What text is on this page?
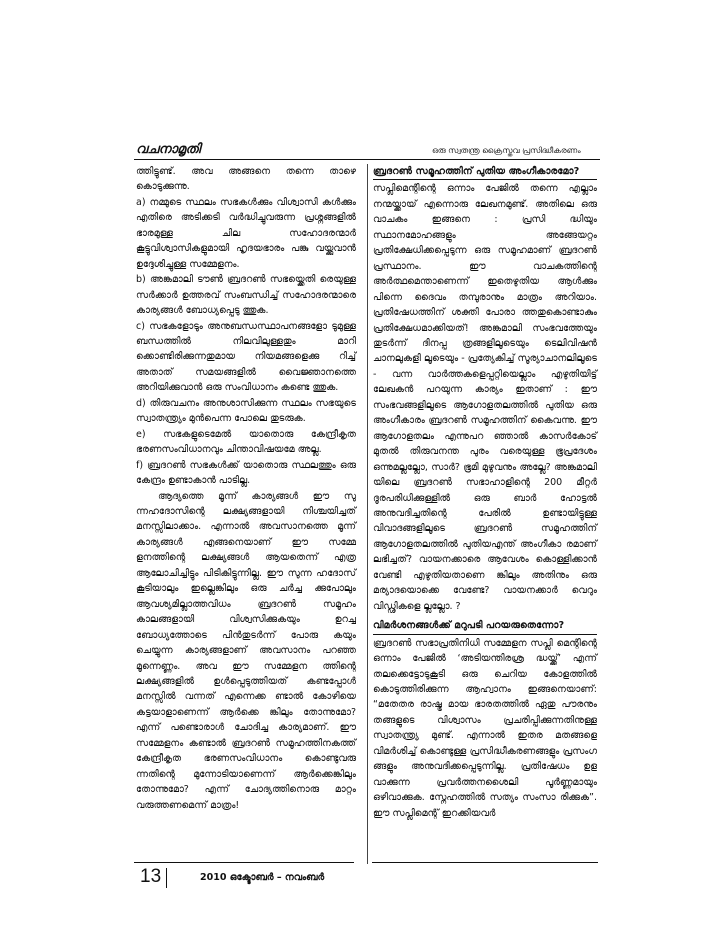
വചനാമൃതി	ഒരു സ്വതന്ത്ര ക്രൈസ്തവ പ്രസിദ്ധീകരണം

ത്തിട്ടുണ്ട്. അവ അങ്ങനെ തന്നെ താഴെ കൊടുക്കുന്നു.

a) നമ്മുടെ സ്ഥലം സഭകൾക്കും വിശ്വാസി കൾക്കും എതിരെ അടിക്കടി വർദ്ധിച്ചുവരുന്ന പ്രശ്നങ്ങളിൽ ഭാരമുള്ള ചില സഹോദരന്മാർ കൂട്ടുവിശ്വാസികളുമായി ഹൃദയഭാരം പങ്കു വയ്ക്കുവാൻ ഉദ്ദേശിച്ചുള്ള സമ്മേളനം.

b) അങ്കമാലി ടൗൺ ബ്രദറൺ സഭയ്ക്കെതി രെയുള്ള സർക്കാർ ഉത്തരവ് സംബന്ധിച്ച് സഹോദരന്മാരെ കാര്യങ്ങൾ ബോധ്യപ്പെടു ത്തുക.

c) സഭകളോടും അനുബന്ധസ്ഥാപനങ്ങളോ ടുമുള്ള ബന്ധത്തിൽ നിലവിലുള്ളതും മാറി ക്കൊണ്ടിരിക്കുന്നതുമായ നിയമങ്ങളെക്കു റിച്ച് അതാത് സമയങ്ങളിൽ വൈജ്ഞാനത്തെ അറിയിക്കുവാൻ ഒരു സംവിധാനം കണ്ടെ ത്തുക.

d) തിരുവചനം അനുശാസിക്കുന്ന സ്ഥലം സഭയുടെ സ്വാതന്ത്ര്യം മുൻപെന്ന പോലെ തുടരുക.

e) സഭകളുടെമേൽ യാതൊരു കേന്ദ്രീകൃത ഭരണസംവിധാനവും ചിന്താവിഷയമേ അല്ല.

f) ബ്രദറൺ സഭകൾക്ക് യാതൊരു സ്ഥലത്തും ഒരു കേന്ദ്രം ഉണ്ടാകാൻ പാടില്ല.

ആദ്യത്തെ മൂന്ന് കാര്യങ്ങൾ ഈ സു ന്നഹദോസിന്റെ ലക്ഷ്യങ്ങളായി നിശ്ചയിച്ചത് മനസ്സിലാക്കാം. എന്നാൽ അവസാനത്തെ മൂന്ന് കാര്യങ്ങൾ എങ്ങനെയാണ് ഈ സമ്മേ ളനത്തിന്റെ ലക്ഷ്യങ്ങൾ ആയതെന്ന് എത്ര ആലോചിച്ചിട്ടും പിടികിട്ടുന്നില്ല. ഈ സുന്ന ഹദോസ് കൂടിയാലും ഇല്ലെങ്കിലും ഒരു ചർച്ച ക്കുപോലും ആവശ്യമില്ലാത്തവിധം ബ്രദറൺ സമൂഹം കാലങ്ങളായി വിശ്വസിക്കുകയും ഉറച്ച ബോധ്യത്തോടെ പിൻതുടർന്ന് പോരു കയും ചെയ്യുന്ന കാര്യങ്ങളാണ് അവസാനം പറഞ്ഞ മൂന്നെണ്ണം. അവ ഈ സമ്മേളന ത്തിന്റെ ലക്ഷ്യങ്ങളിൽ ഉൾപ്പെടുത്തിയത് കണ്ടപ്പോൾ മനസ്സിൽ വന്നത് എന്നെക്ക ണ്ടാൽ കോഴിയെ കട്ടയാളാണെന്ന് ആർക്കെ ങ്കിലും തോന്നുമോ? എന്ന് പണ്ടൊരാൾ ചോദിച്ച കാര്യമാണ്. ഈ സമ്മേളനം കണ്ടാൽ ബ്രദറൺ സമൂഹത്തിനകത്ത് കേന്ദ്രീകൃത ഭരണസംവിധാനം കൊണ്ടുവരു ന്നതിന്റെ മുന്നോടിയാണെന്ന് ആർക്കെങ്കിലും തോന്നുമോ? എന്ന് ചോദ്യത്തിനൊരു മാറ്റം വരുത്തണമെന്ന് മാത്രം!

ബ്രദറൺ സമൂഹത്തിന് പുതിയ അംഗീകാരമോ?

സപ്ലിമെന്റിന്റെ ഒന്നാം പേജിൽ തന്നെ എല്ലാം നന്മയ്ക്കായ് എന്നൊരു ലേഖനമുണ്ട്. അതിലെ ഒരു വാചകം ഇങ്ങനെ : പ്രസി ദ്ധിയും സ്ഥാനമോഹങ്ങളും അങ്ങേയറ്റം പ്രതിക്ഷേധിക്കപ്പെടുന്ന ഒരു സമൂഹമാണ് ബ്രദറൺ പ്രസ്ഥാനം. ഈ വാചകത്തിന്റെ അർത്ഥമെന്താണെന്ന് ഇതെഴുതിയ ആൾക്കും പിന്നെ ദൈവം തമ്പുരാനും മാത്രം അറിയാം. പ്രതിഷേധത്തിന് ശക്തി പോരാ ത്തതുകൊണ്ടാകും പ്രതിക്ഷേധമാക്കിയത്! അങ്കമാലി സംഭവത്തേയും തുടർന്ന് ദിനപ്പ ത്രങ്ങളിലൂടെയും ടെലിവിഷൻ ചാനലുകളി ലൂടെയും - പ്രത്യേകിച്ച് സൂര്യാചാനലിലൂടെ - വന്ന വാർത്തകളെപ്പറ്റിയെല്ലാം എഴുതിയിട്ട് ലേഖകൻ പറയുന്ന കാര്യം ഇതാണ് : ഈ സംഭവങ്ങളിലൂടെ ആഗോളതലത്തിൽ പുതിയ ഒരു അംഗീകാരം ബ്രദറൺ സമൂഹത്തിന് കൈവന്നു. ഈ ആഗോളതലം എന്നുപറ ഞ്ഞാൽ കാസർകോട് മുതൽ തിരുവനന്ത പുരം വരെയുള്ള ഭൂപ്രദേശം ഒന്നുമല്ലല്ലോ, സാർ? ഭൂമി മുഴുവനും അല്ലേ? അങ്കമാലി യിലെ ബ്രദറൺ സഭാഹാളിന്റെ 200 മീറ്റർ ദൂരപരിധിക്കുള്ളിൽ ഒരു ബാർ ഹോട്ടൽ അനുവദിച്ചതിന്റെ പേരിൽ ഉണ്ടായിട്ടുള്ള വിവാദങ്ങളിലൂടെ ബ്രദറൺ സമൂഹത്തിന് ആഗോളതലത്തിൽ പുതിയഎന്ത് അംഗീകാ രമാണ് ലഭിച്ചത്? വായനക്കാരെ ആവേശം കൊള്ളിക്കാൻ വേണ്ടി എഴുതിയതാണെ ങ്കിലും അതിനും ഒരു മര്യാദയൊക്കെ വേണ്ടേ? വായനക്കാർ വെറും വിഡ്ഢികളെ ല്ലല്ലോ. ?

വിമർശനങ്ങൾക്ക് മറുപടി പറയരുതെന്നോ?

ബ്രദറൺ സഭാപ്രതിനിധി സമ്മേളന സപ്ലി മെന്റിന്റെ ഒന്നാം പേജിൽ ‘അടിയന്തിരശ്ര ദ്ധയ്ക്ക്’ എന്ന് തലക്കെട്ടോടുകൂടി ഒരു ചെറിയ കോളത്തിൽ കൊടുത്തിരിക്കുന്ന ആഹ്വാനം ഇങ്ങനെയാണ്: “മതേതര രാഷ്ട്ര മായ ഭാരതത്തിൽ ഏതു പൗരനും തങ്ങളുടെ വിശ്വാസം പ്രചരിപ്പിക്കുന്നതിനുള്ള സ്വാതന്ത്ര്യ മുണ്ട്. എന്നാൽ ഇതര മതങ്ങളെ വിമർശിച്ച് കൊണ്ടുള്ള പ്രസിദ്ധീകരണങ്ങളും പ്രസംഗ ങ്ങളും അനുവദിക്കപ്പെടുന്നില്ല. പ്രതിഷേധം ഉള വാക്കുന്ന പ്രവർത്തനശൈലി പൂർണ്ണമായും ഒഴിവാക്കുക. സ്നേഹത്തിൽ സത്യം സംസാ രിക്കുക”. ഈ സപ്ലിമെന്റ് ഇറക്കിയവർ

13	2010 ഒക്ടോബർ – നവംബർ
